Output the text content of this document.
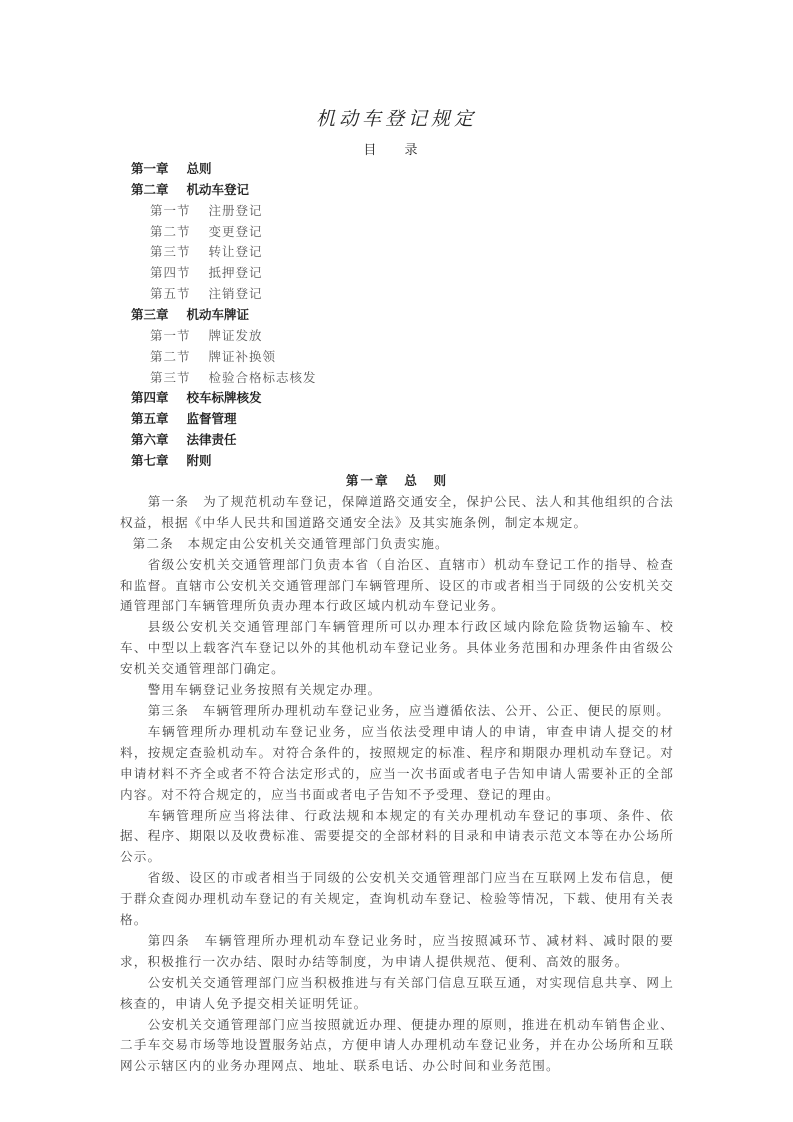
机动车登记规定
目 录
第一章 总则
第二章 机动车登记
第一节 注册登记
第二节 变更登记
第三节 转让登记
第四节 抵押登记
第五节 注销登记
第三章 机动车牌证
第一节 牌证发放
第二节 牌证补换领
第三节 检验合格标志核发
第四章 校车标牌核发
第五章 监督管理
第六章 法律责任
第七章 附则
第一章　总　则

第一条　为了规范机动车登记，保障道路交通安全，保护公民、法人和其他组织的合法权益，根据《中华人民共和国道路交通安全法》及其实施条例，制定本规定。

第二条　本规定由公安机关交通管理部门负责实施。

省级公安机关交通管理部门负责本省（自治区、直辖市）机动车登记工作的指导、检查和监督。直辖市公安机关交通管理部门车辆管理所、设区的市或者相当于同级的公安机关交通管理部门车辆管理所负责办理本行政区域内机动车登记业务。

县级公安机关交通管理部门车辆管理所可以办理本行政区域内除危险货物运输车、校车、中型以上载客汽车登记以外的其他机动车登记业务。具体业务范围和办理条件由省级公安机关交通管理部门确定。

警用车辆登记业务按照有关规定办理。

第三条　车辆管理所办理机动车登记业务，应当遵循依法、公开、公正、便民的原则。

车辆管理所办理机动车登记业务，应当依法受理申请人的申请，审查申请人提交的材料，按规定查验机动车。对符合条件的，按照规定的标准、程序和期限办理机动车登记。对申请材料不齐全或者不符合法定形式的，应当一次书面或者电子告知申请人需要补正的全部内容。对不符合规定的，应当书面或者电子告知不予受理、登记的理由。

车辆管理所应当将法律、行政法规和本规定的有关办理机动车登记的事项、条件、依据、程序、期限以及收费标准、需要提交的全部材料的目录和申请表示范文本等在办公场所公示。

省级、设区的市或者相当于同级的公安机关交通管理部门应当在互联网上发布信息，便于群众查阅办理机动车登记的有关规定，查询机动车登记、检验等情况，下载、使用有关表格。

第四条　车辆管理所办理机动车登记业务时，应当按照减环节、减材料、减时限的要求，积极推行一次办结、限时办结等制度，为申请人提供规范、便利、高效的服务。

公安机关交通管理部门应当积极推进与有关部门信息互联互通，对实现信息共享、网上核查的，申请人免予提交相关证明凭证。

公安机关交通管理部门应当按照就近办理、便捷办理的原则，推进在机动车销售企业、二手车交易市场等地设置服务站点，方便申请人办理机动车登记业务，并在办公场所和互联网公示辖区内的业务办理网点、地址、联系电话、办公时间和业务范围。
